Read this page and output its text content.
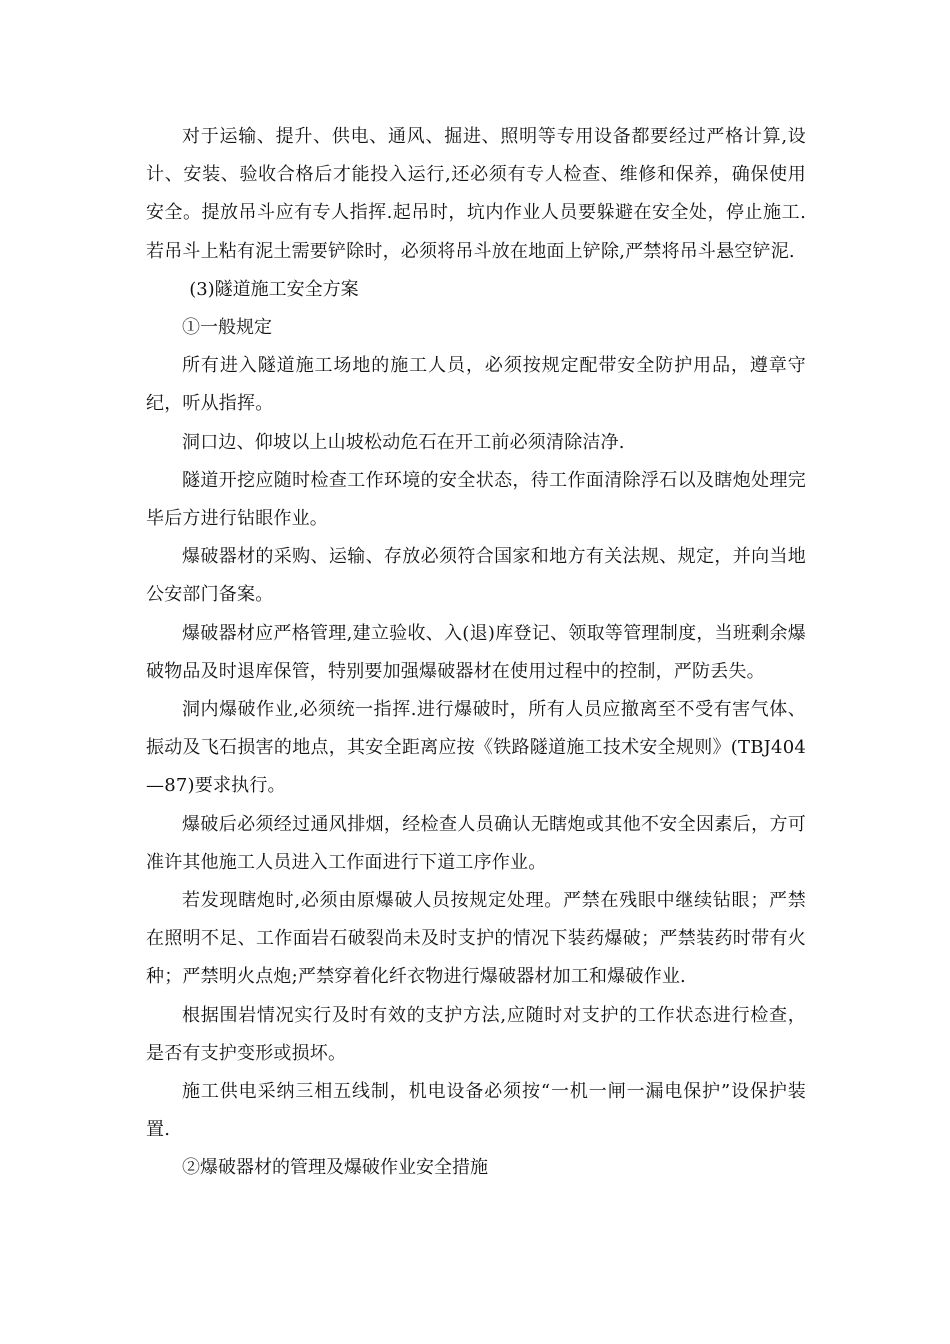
对于运输、提升、供电、通风、掘进、照明等专用设备都要经过严格计算,设计、安装、验收合格后才能投入运行,还必须有专人检查、维修和保养，确保使用安全。提放吊斗应有专人指挥.起吊时，坑内作业人员要躲避在安全处，停止施工.若吊斗上粘有泥土需要铲除时，必须将吊斗放在地面上铲除,严禁将吊斗悬空铲泥.

(3)隧道施工安全方案

①一般规定

所有进入隧道施工场地的施工人员，必须按规定配带安全防护用品，遵章守纪，听从指挥。

洞口边、仰坡以上山坡松动危石在开工前必须清除洁净.

隧道开挖应随时检查工作环境的安全状态，待工作面清除浮石以及瞎炮处理完毕后方进行钻眼作业。

爆破器材的采购、运输、存放必须符合国家和地方有关法规、规定，并向当地公安部门备案。

爆破器材应严格管理,建立验收、入(退)库登记、领取等管理制度，当班剩余爆破物品及时退库保管，特别要加强爆破器材在使用过程中的控制，严防丢失。

洞内爆破作业,必须统一指挥.进行爆破时，所有人员应撤离至不受有害气体、振动及飞石损害的地点，其安全距离应按《铁路隧道施工技术安全规则》(TBJ404—87)要求执行。

爆破后必须经过通风排烟，经检查人员确认无瞎炮或其他不安全因素后，方可准许其他施工人员进入工作面进行下道工序作业。

若发现瞎炮时,必须由原爆破人员按规定处理。严禁在残眼中继续钻眼；严禁在照明不足、工作面岩石破裂尚未及时支护的情况下装药爆破；严禁装药时带有火种；严禁明火点炮;严禁穿着化纤衣物进行爆破器材加工和爆破作业.

根据围岩情况实行及时有效的支护方法,应随时对支护的工作状态进行检查，是否有支护变形或损坏。

施工供电采纳三相五线制，机电设备必须按“一机一闸一漏电保护”设保护装置.

②爆破器材的管理及爆破作业安全措施
